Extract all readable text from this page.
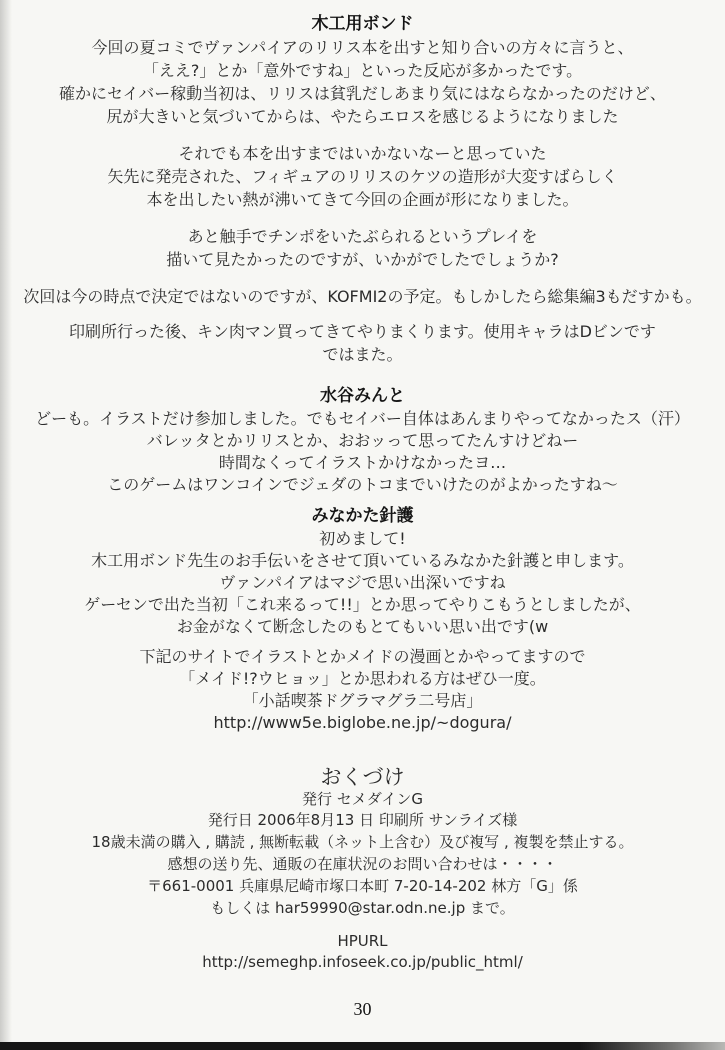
木工用ボンド
今回の夏コミでヴァンパイアのリリス本を出すと知り合いの方々に言うと、
「ええ?」とか「意外ですね」といった反応が多かったです。
確かにセイバー稼動当初は、リリスは貧乳だしあまり気にはならなかったのだけど、
尻が大きいと気づいてからは、やたらエロスを感じるようになりました
それでも本を出すまではいかないなーと思っていた
矢先に発売された、フィギュアのリリスのケツの造形が大変すばらしく
本を出したい熱が沸いてきて今回の企画が形になりました。
あと触手でチンポをいたぶられるというプレイを
描いて見たかったのですが、いかがでしたでしょうか?
次回は今の時点で決定ではないのですが、KOFMI2の予定。もしかしたら総集編3もだすかも。
印刷所行った後、キン肉マン買ってきてやりまくります。使用キャラはDビンです
ではまた。
水谷みんと
どーも。イラストだけ参加しました。でもセイバー自体はあんまりやってなかったス（汗）
バレッタとかリリスとか、おおッって思ってたんすけどねー
時間なくってイラストかけなかったヨ…
このゲームはワンコインでジェダのトコまでいけたのがよかったすね〜
みなかた針護
初めまして!
木工用ボンド先生のお手伝いをさせて頂いているみなかた針護と申します。
ヴァンパイアはマジで思い出深いですね
ゲーセンで出た当初「これ来るって!!」とか思ってやりこもうとしましたが、
お金がなくて断念したのもとてもいい思い出です(w
下記のサイトでイラストとかメイドの漫画とかやってますので
「メイド!?ウヒョッ」とか思われる方はぜひ一度。
「小話喫茶ドグラマグラ二号店」
http://www5e.biglobe.ne.jp/~dogura/
おくづけ
発行 セメダインG
発行日 2006年8月13 日 印刷所 サンライズ様
18歳未満の購入 , 購読 , 無断転載（ネット上含む）及び複写 , 複製を禁止する。
感想の送り先、通販の在庫状況のお問い合わせは・・・・
〒661-0001 兵庫県尼崎市塚口本町 7-20-14-202 林方「G」係
もしくは har59990@star.odn.ne.jp まで。
HPURL
http://semeghp.infoseek.co.jp/public_html/
30
